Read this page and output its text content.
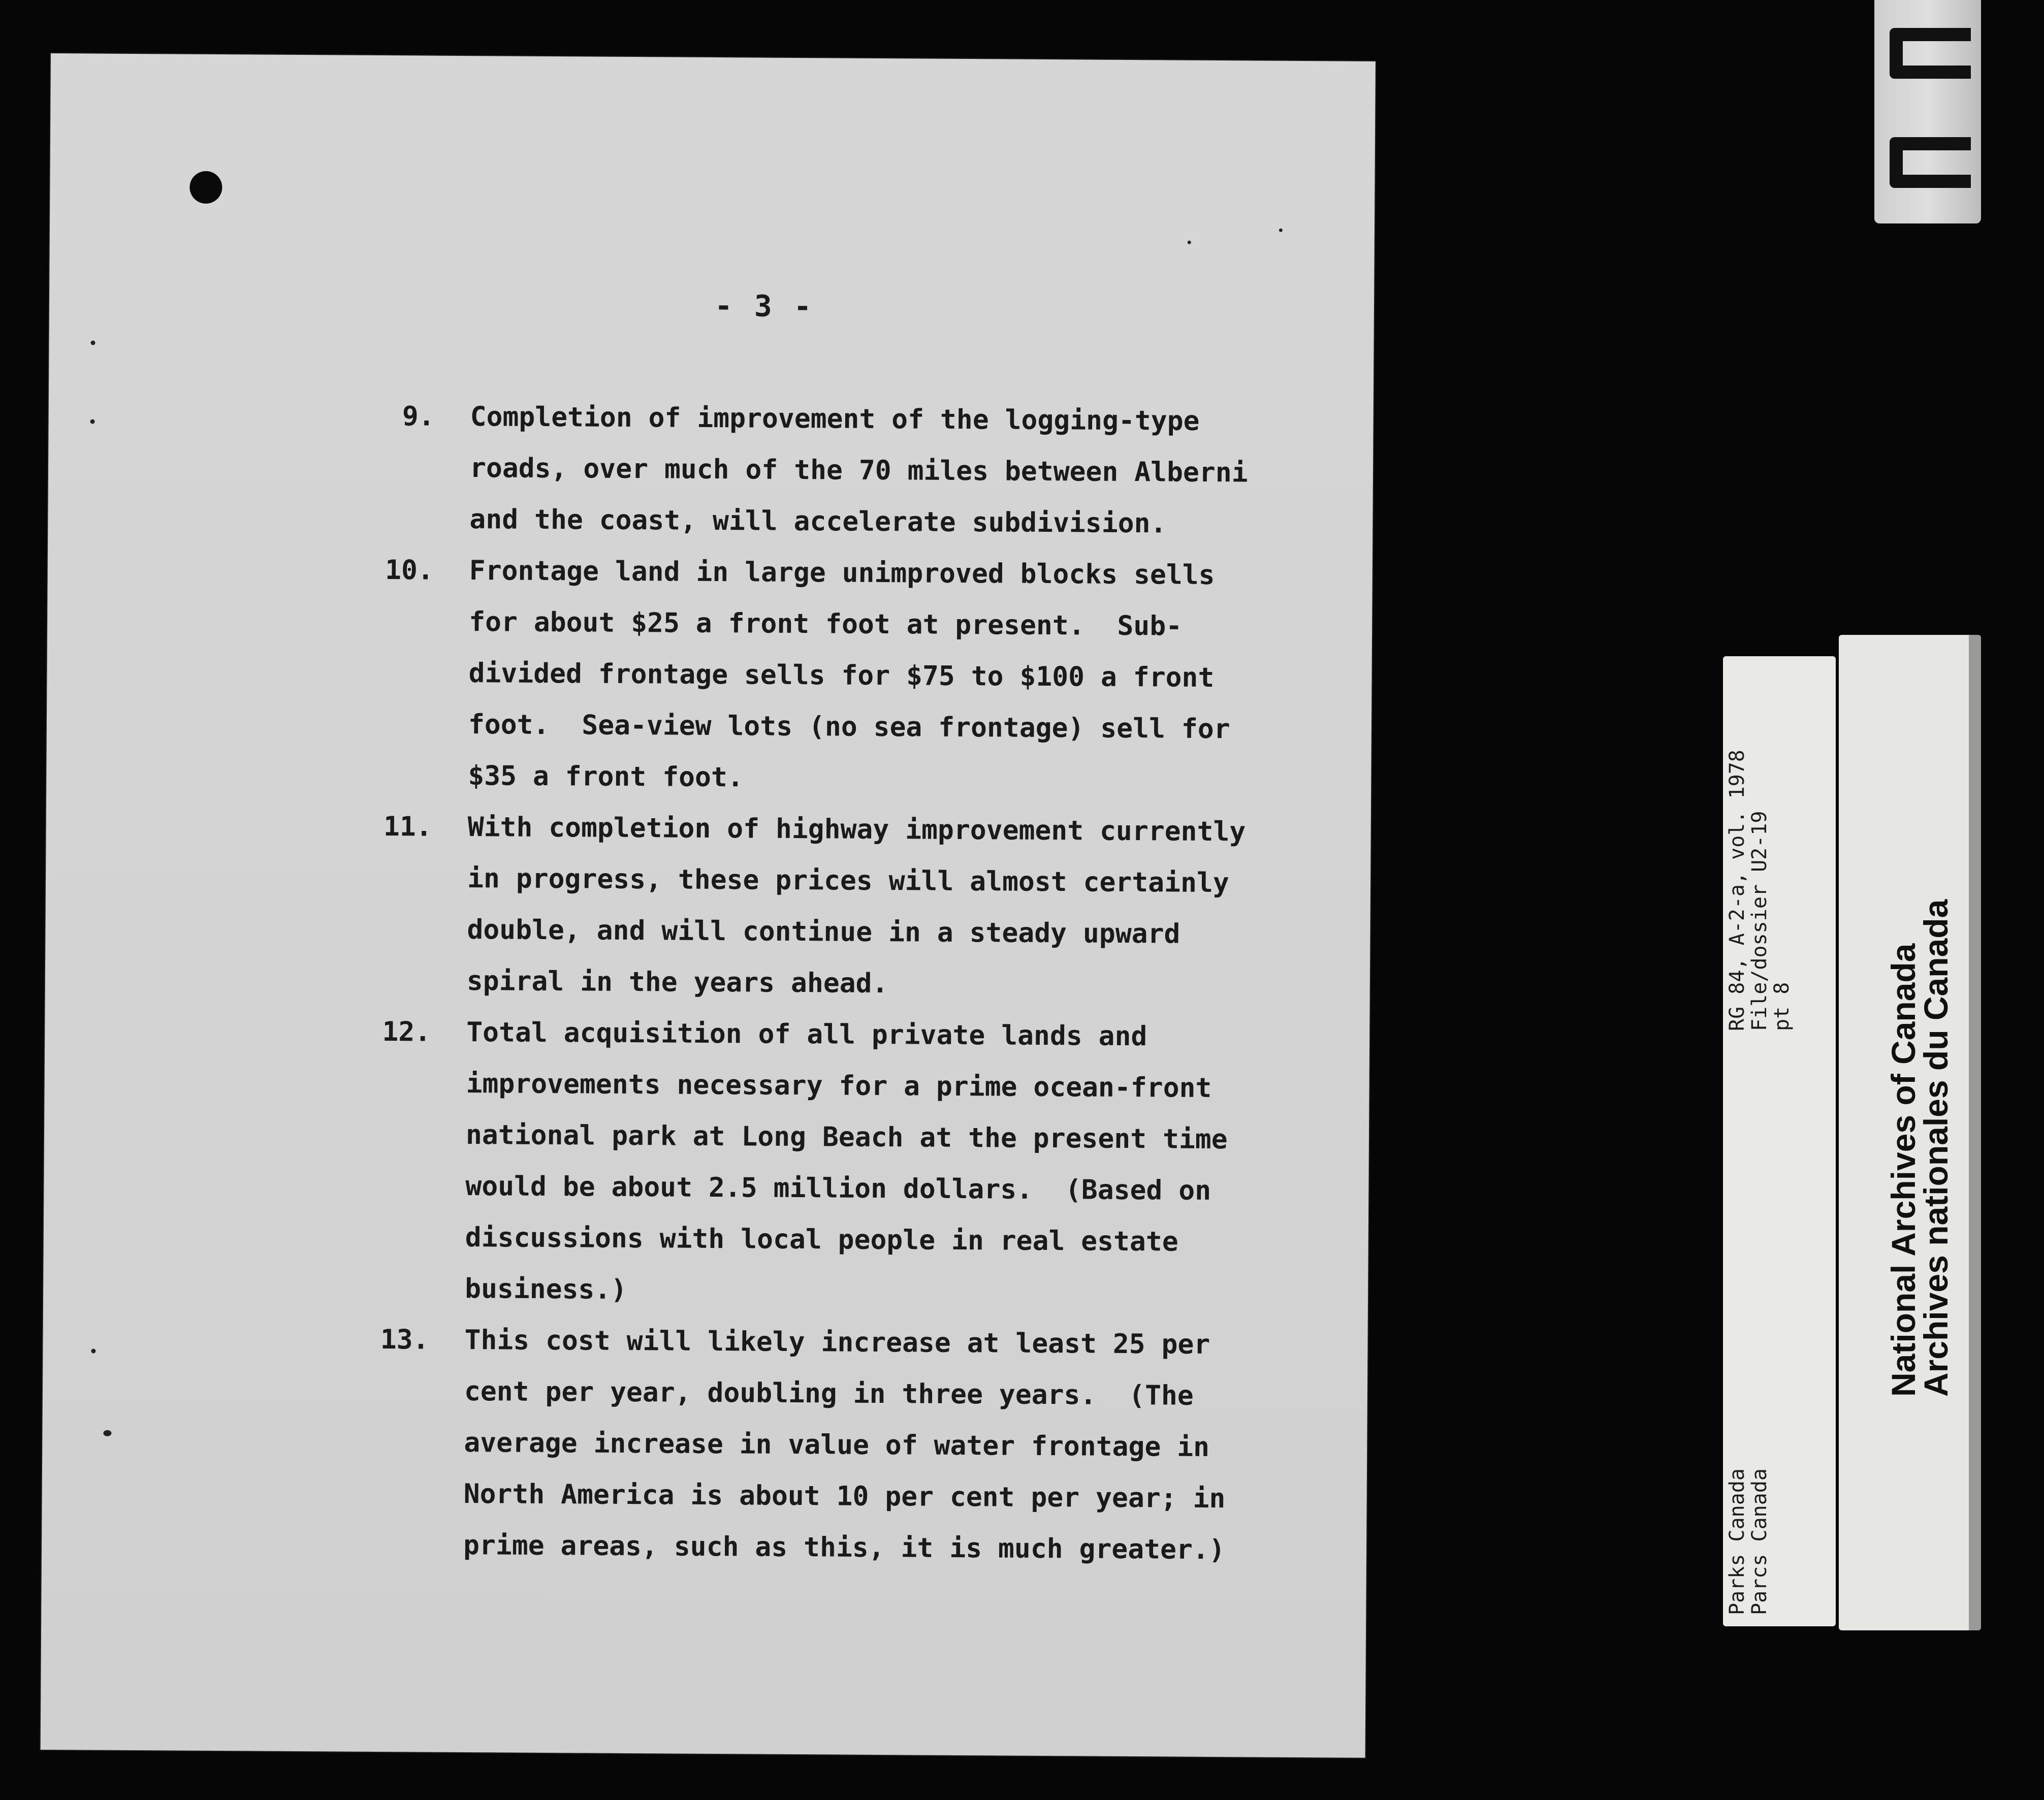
- 3 -
9. Completion of improvement of the logging-type
roads, over much of the 70 miles between Alberni
and the coast, will accelerate subdivision.
10. Frontage land in large unimproved blocks sells
for about $25 a front foot at present.  Sub-
divided frontage sells for $75 to $100 a front
foot.  Sea-view lots (no sea frontage) sell for
$35 a front foot.
11. With completion of highway improvement currently
in progress, these prices will almost certainly
double, and will continue in a steady upward
spiral in the years ahead.
12. Total acquisition of all private lands and
improvements necessary for a prime ocean-front
national park at Long Beach at the present time
would be about 2.5 million dollars.  (Based on
discussions with local people in real estate
business.)
13. This cost will likely increase at least 25 per
cent per year, doubling in three years.  (The
average increase in value of water frontage in
North America is about 10 per cent per year; in
prime areas, such as this, it is much greater.)
RG 84, A-2-a, vol. 1978
File/dossier U2-19
pt 8
Parks Canada
Parcs Canada
National Archives of Canada
Archives nationales du Canada
